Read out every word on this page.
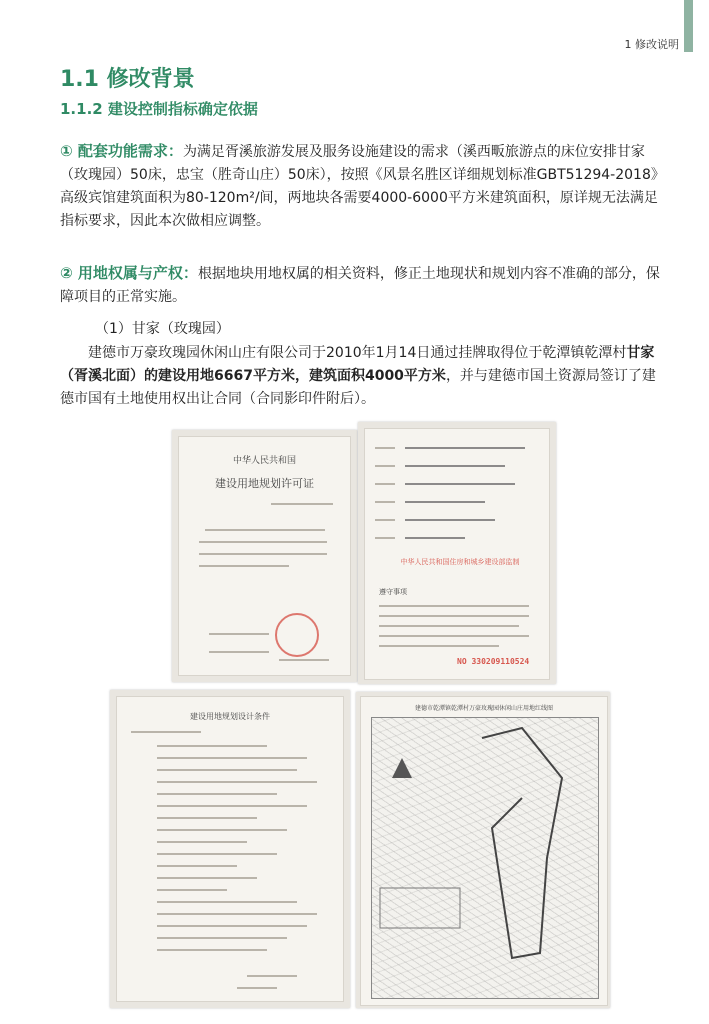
1 修改说明
1.1 修改背景
1.1.2 建设控制指标确定依据
① 配套功能需求：为满足胥溪旅游发展及服务设施建设的需求（溪西畈旅游点的床位安排甘家（玫瑰园）50床，忠宝（胜奇山庄）50床），按照《风景名胜区详细规划标准GBT51294-2018》高级宾馆建筑面积为80-120m²/间，两地块各需要4000-6000平方米建筑面积，原详规无法满足指标要求，因此本次做相应调整。
② 用地权属与产权：根据地块用地权属的相关资料，修正土地现状和规划内容不准确的部分，保障项目的正常实施。
（1）甘家（玫瑰园）
建德市万豪玫瑰园休闲山庄有限公司于2010年1月14日通过挂牌取得位于乾潭镇乾潭村甘家（胥溪北面）的建设用地6667平方米，建筑面积4000平方米，并与建德市国土资源局签订了建德市国有土地使用权出让合同（合同影印件附后）。
中华人民共和国
建设用地规划许可证
中华人民共和国住房和城乡建设部监制
遵守事项
NO 330209110524
建设用地规划设计条件
建德市乾潭镇乾潭村万豪玫瑰园休闲山庄用地红线图
